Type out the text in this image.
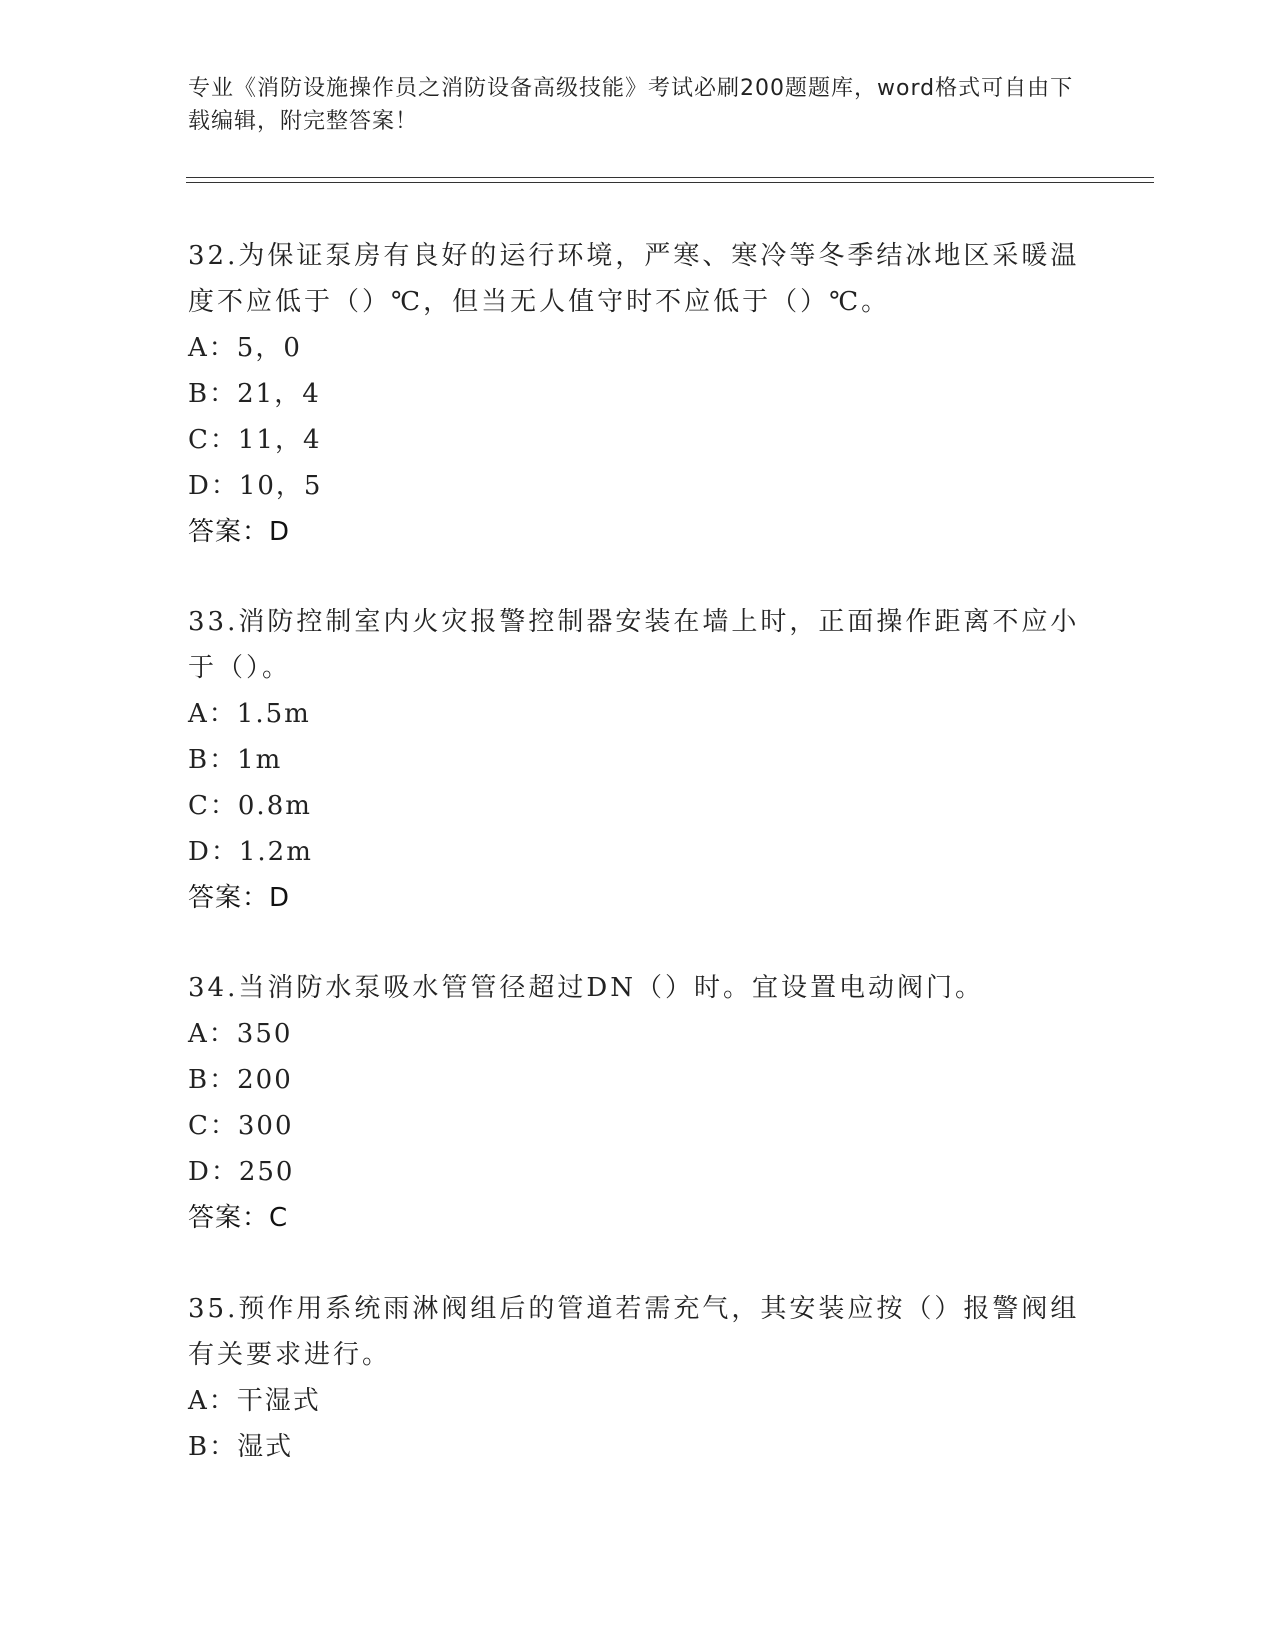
专业《消防设施操作员之消防设备高级技能》考试必刷200题题库，word格式可自由下载编辑，附完整答案！

32.为保证泵房有良好的运行环境，严寒、寒冷等冬季结冰地区采暖温度不应低于（）℃，但当无人值守时不应低于（）℃。

A：5，0

B：21，4

C：11，4

D：10，5

答案：D

33.消防控制室内火灾报警控制器安装在墙上时，正面操作距离不应小于（）。

A：1.5m

B：1m

C：0.8m

D：1.2m

答案：D

34.当消防水泵吸水管管径超过DN（）时。宜设置电动阀门。

A：350

B：200

C：300

D：250

答案：C

35.预作用系统雨淋阀组后的管道若需充气，其安装应按（）报警阀组有关要求进行。

A：干湿式

B：湿式
